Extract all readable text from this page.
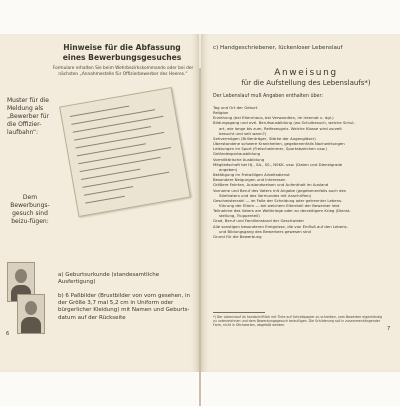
Hinweise für die Abfassung eines Bewerbungsgesuches
Formulare erhalten Sie beim Wehrbezirkskommando oder bei der nächsten „Annahmestelle für Offizierbewerber des Heeres.“
Muster für die Meldung als „Bewerber für die Offizier-laufbahn“:
Dem Bewerbungs-gesuch sind beizu-fügen:
a) Geburtsurkunde (standesamtliche Ausfertigung)
b) 6 Paßbilder (Brustbilder von vorn gesehen, in der Größe 3,7 mal 5,2 cm in Uniform oder bürgerlicher Kleidung) mit Namen und Geburts-datum auf der Rückseite
6
c) Handgeschriebener, lückenloser Lebenslauf
Anweisung
für die Aufstellung des Lebenslaufs*)
Der Lebenslauf muß Angaben enthalten über:
Tag und Ort der Geburt
Religion
Erziehung (bei Elternhaus, bei Verwandten, im Internat u. dgl.)
Bildungsgang und evtl. Berufsausbildung (wo Schulbesuch, welche Schul-
art, wie lange bis zum, Reifezeugnis. Welche Klasse wird zurzeit
besucht und seit wann?)
Sehvermögen (Brillenträger, Stärke der Augengläser)
Überstandene schwere Krankheiten, gegebenenfalls Nachwirkungen
Leistungen im Sport (Freischwimmer, Sportabzeichen usw.)
Geländesportausbildung
Vormilitärische Ausbildung
Mitgliedschaft bei HJ., SA., SS., NSKK. usw. (Daten und Dienstgrade
angeben)
Betätigung im Freiwilligen Arbeitsdienst
Besondere Neigungen und Interessen
Größere Fahrten, Auslandsreisen und Aufenthalt im Ausland
Vorname und Beruf des Vaters mit Angabe (gegebenenfalls auch des
Stiefvaters und des Vormundes mit Anschriften)
Geschwisterzahl — im Falle der Scheidung oder getrennter Lebens-
führung der Eltern — bei welchem Elternteil der Bewerber lebt
Teilnahme des Vaters am Weltkriege oder an derzeitigem Krieg (Dienst-
stellung, Truppenteil)
Grad, Beruf und Familienstand der Geschwister
Alle sonstigen besonderen Ereignisse, die von Einfluß auf den Lebens-
und Bildungsgang des Bewerbers gewesen sind
Grund für die Bewerbung
*) Der Lebenslauf ist handschriftlich mit Tinte auf Schreibpapier zu schreiben, vom Bewerber eigenhändig zu unterzeichnen und dem Bewerbungsgesuch beizufügen. Die Schilderung soll in zusammenhängender Form, nicht in Stichworten, abgefaßt werden.
7
